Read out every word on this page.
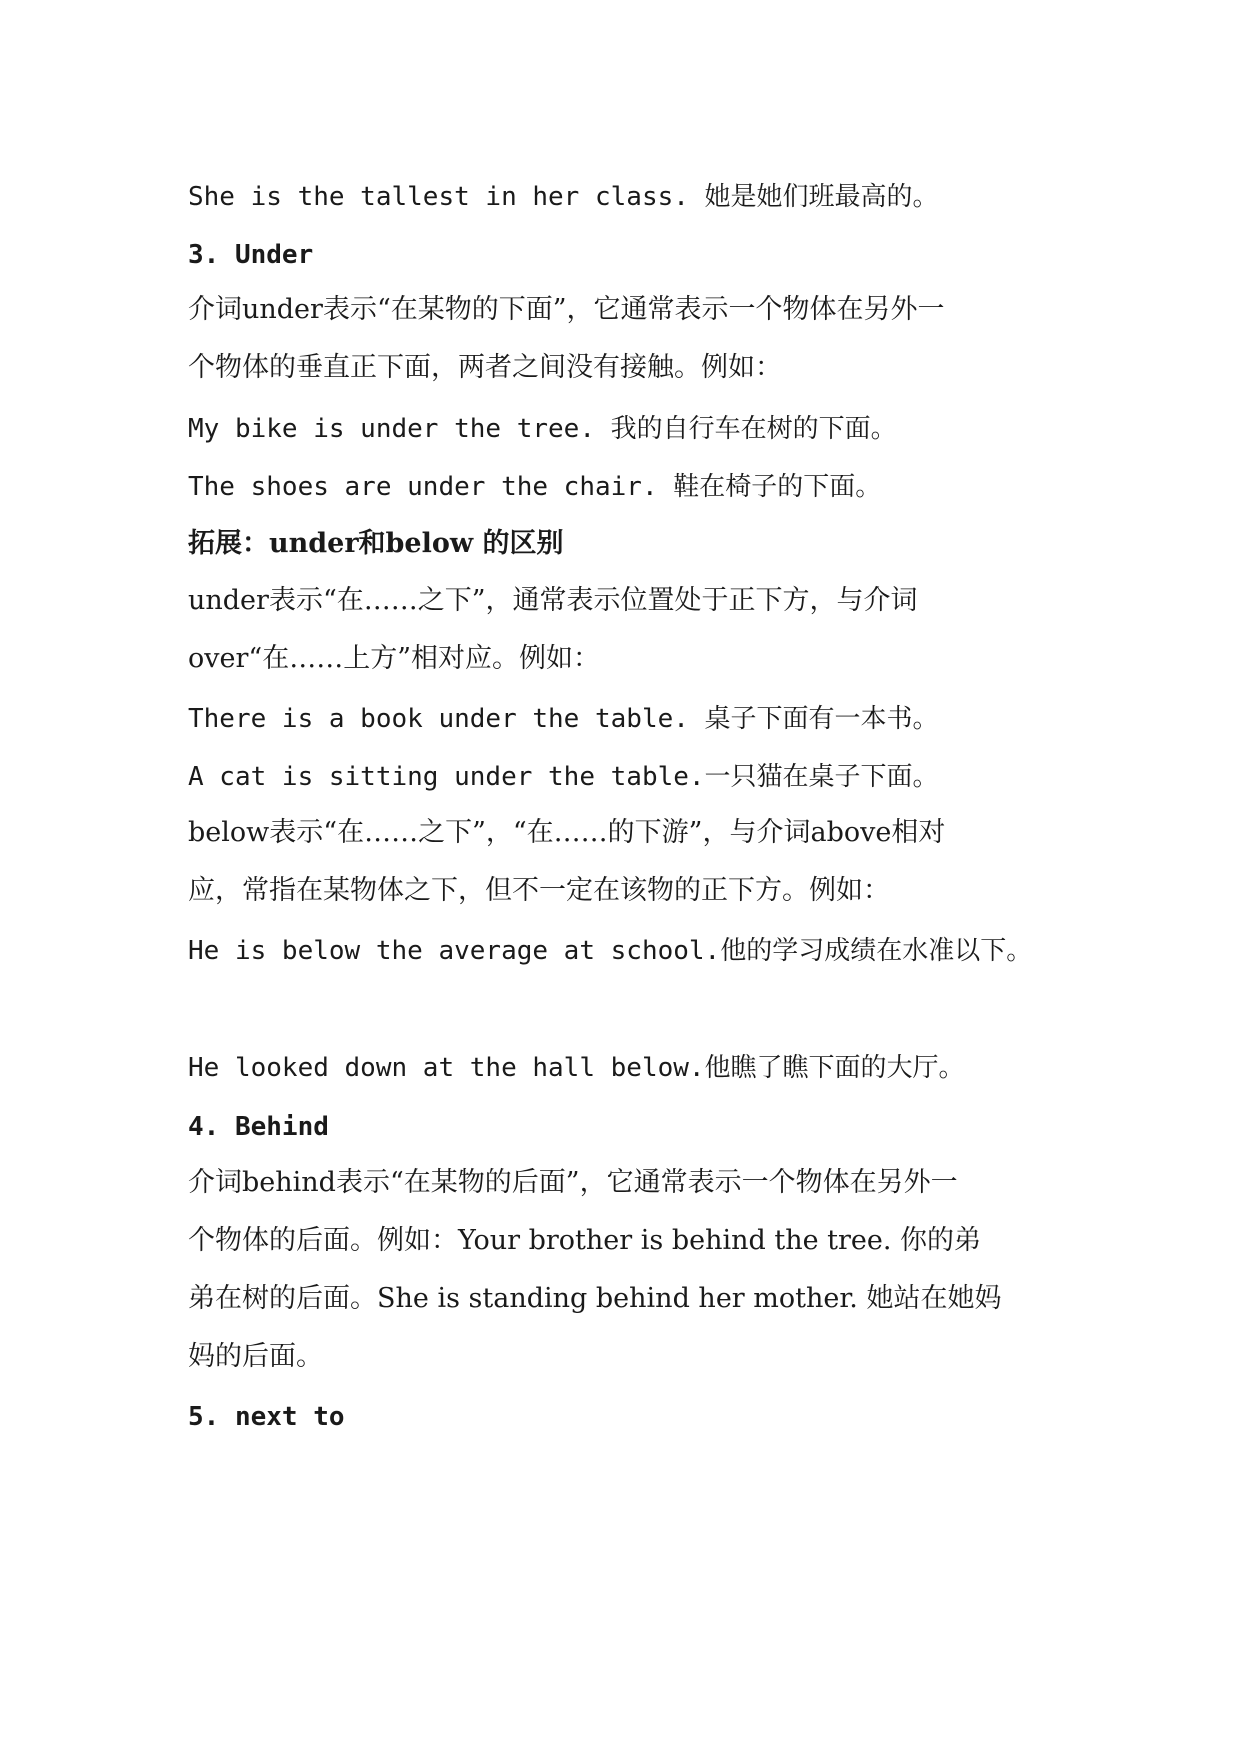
She is the tallest in her class. 她是她们班最高的。
3. Under
介词under表示“在某物的下面”，它通常表示一个物体在另外一
个物体的垂直正下面，两者之间没有接触。例如：
My bike is under the tree. 我的自行车在树的下面。
The shoes are under the chair. 鞋在椅子的下面。
拓展：under和below 的区别
under表示“在……之下”，通常表示位置处于正下方，与介词
over“在……上方”相对应。例如：
There is a book under the table. 桌子下面有一本书。
A cat is sitting under the table.一只猫在桌子下面。
below表示“在……之下”，“在……的下游”，与介词above相对
应，常指在某物体之下，但不一定在该物的正下方。例如：
He is below the average at school.他的学习成绩在水准以下。
He looked down at the hall below.他瞧了瞧下面的大厅。
4. Behind
介词behind表示“在某物的后面”，它通常表示一个物体在另外一
个物体的后面。例如：Your brother is behind the tree. 你的弟
弟在树的后面。She is standing behind her mother. 她站在她妈
妈的后面。
5. next to
